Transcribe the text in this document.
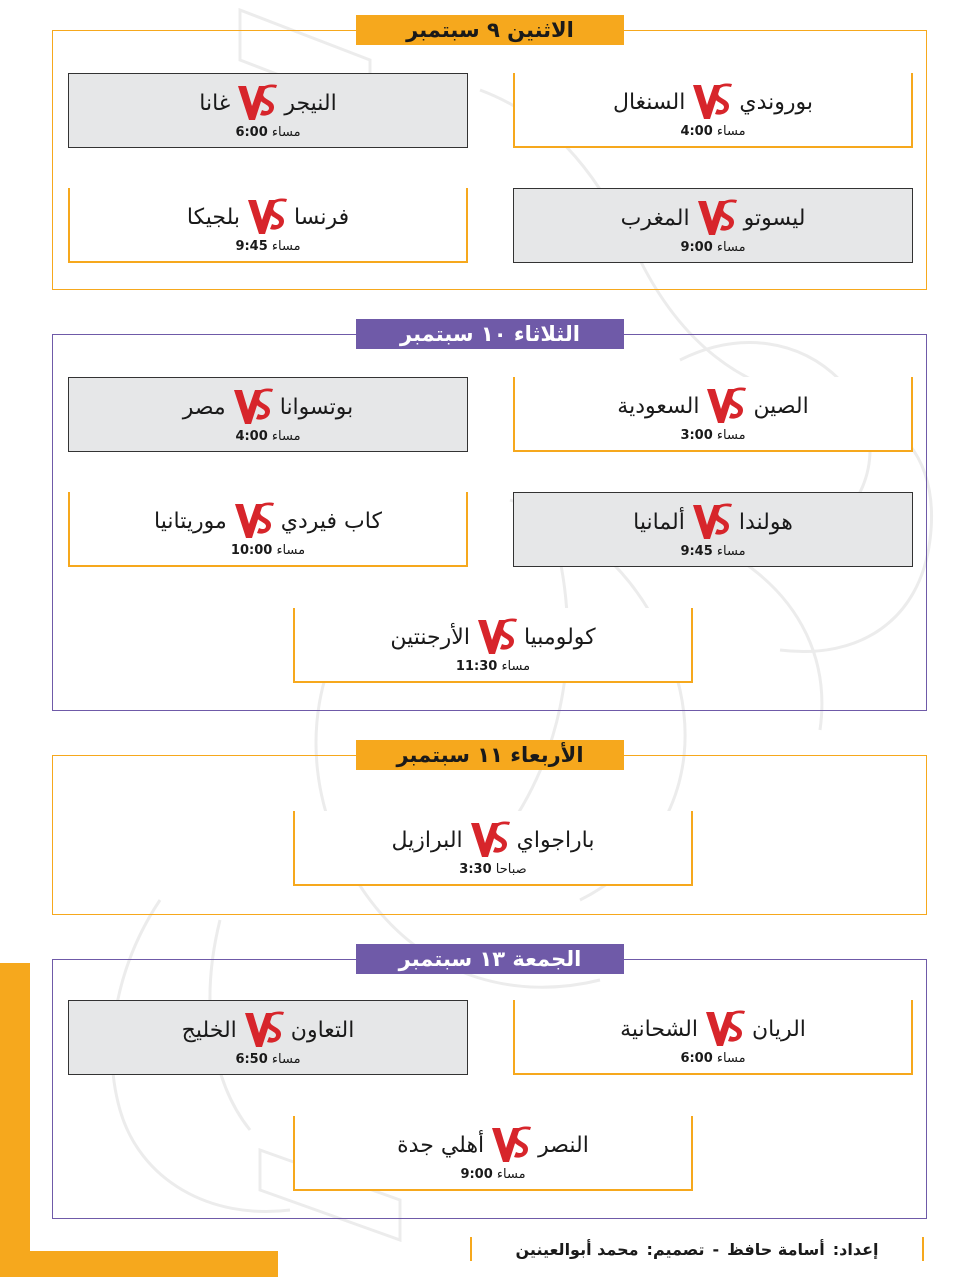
الاثنين ٩ سبتمبر
بوروندي
السنغال
4:00 مساء
النيجر
غانا
6:00 مساء
ليسوتو
المغرب
9:00 مساء
فرنسا
بلجيكا
9:45 مساء
الثلاثاء ١٠ سبتمبر
الصين
السعودية
3:00 مساء
بوتسوانا
مصر
4:00 مساء
هولندا
ألمانيا
9:45 مساء
كاب فيردي
موريتانيا
10:00 مساء
كولومبيا
الأرجنتين
11:30 مساء
الأربعاء ١١ سبتمبر
باراجواي
البرازيل
3:30 صباحا
الجمعة ١٣ سبتمبر
الريان
الشحانية
6:00 مساء
التعاون
الخليج
6:50 مساء
النصر
أهلي جدة
9:00 مساء
إعداد:
أسامة حافظ
-
تصميم:
محمد أبوالعينين
